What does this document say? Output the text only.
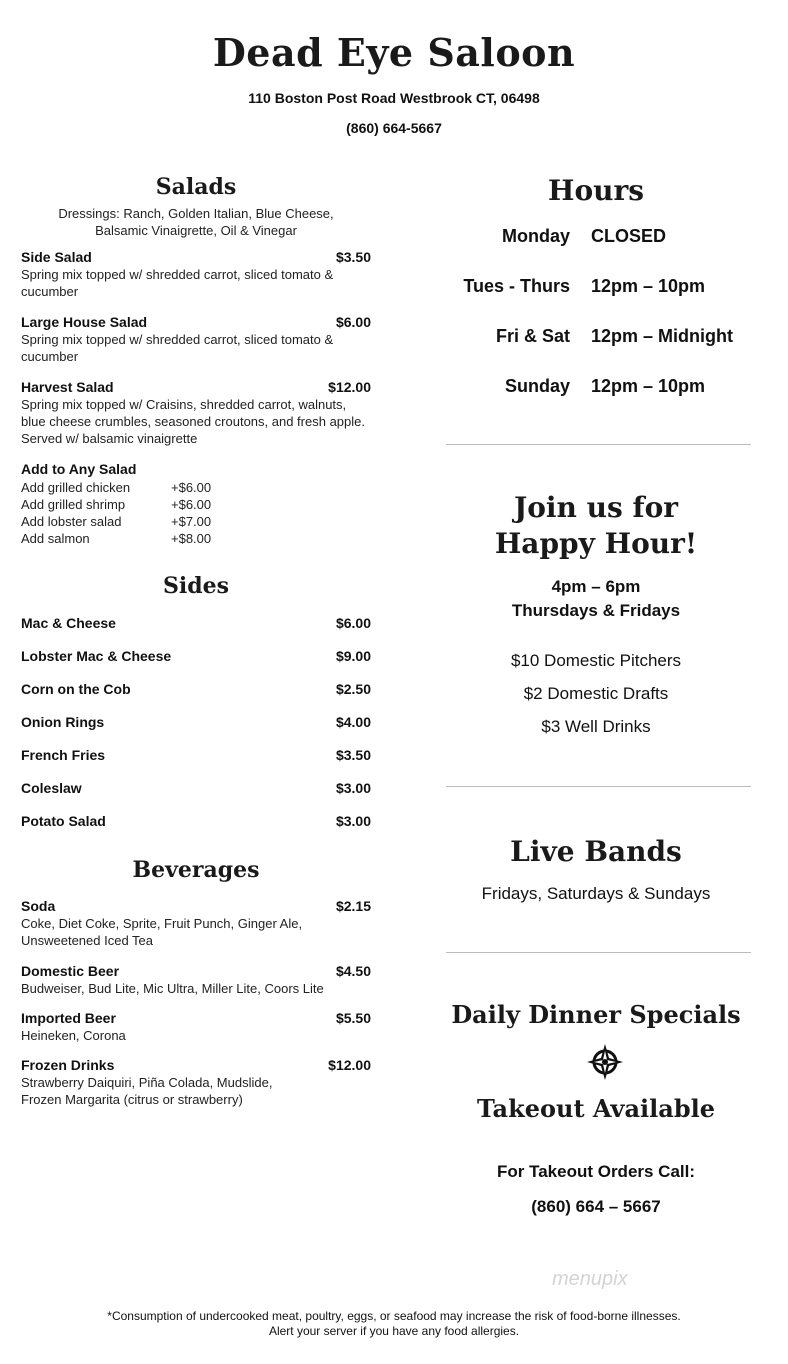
Dead Eye Saloon
110 Boston Post Road Westbrook CT, 06498
(860) 664-5667
Salads
Dressings: Ranch, Golden Italian, Blue Cheese, Balsamic Vinaigrette, Oil & Vinegar
Side Salad	$3.50
Spring mix topped w/ shredded carrot, sliced tomato & cucumber
Large House Salad	$6.00
Spring mix topped w/ shredded carrot, sliced tomato & cucumber
Harvest Salad	$12.00
Spring mix topped w/ Craisins, shredded carrot, walnuts, blue cheese crumbles, seasoned croutons, and fresh apple. Served w/ balsamic vinaigrette
Add to Any Salad
Add grilled chicken	+$6.00
Add grilled shrimp	+$6.00
Add lobster salad	+$7.00
Add salmon	+$8.00
Sides
Mac & Cheese	$6.00
Lobster Mac & Cheese	$9.00
Corn on the Cob	$2.50
Onion Rings	$4.00
French Fries	$3.50
Coleslaw	$3.00
Potato Salad	$3.00
Beverages
Soda	$2.15
Coke, Diet Coke, Sprite, Fruit Punch, Ginger Ale, Unsweetened Iced Tea
Domestic Beer	$4.50
Budweiser, Bud Lite, Mic Ultra, Miller Lite, Coors Lite
Imported Beer	$5.50
Heineken, Corona
Frozen Drinks	$12.00
Strawberry Daiquiri, Piña Colada, Mudslide, Frozen Margarita (citrus or strawberry)
Hours
Monday CLOSED
Tues - Thurs 12pm – 10pm
Fri & Sat 12pm – Midnight
Sunday 12pm – 10pm
Join us for
Happy Hour!
4pm – 6pm
Thursdays & Fridays
$10 Domestic Pitchers
$2 Domestic Drafts
$3 Well Drinks
Live Bands
Fridays, Saturdays & Sundays
Daily Dinner Specials
Takeout Available
For Takeout Orders Call:
(860) 664 – 5667
menupix
*Consumption of undercooked meat, poultry, eggs, or seafood may increase the risk of food-borne illnesses.
Alert your server if you have any food allergies.
